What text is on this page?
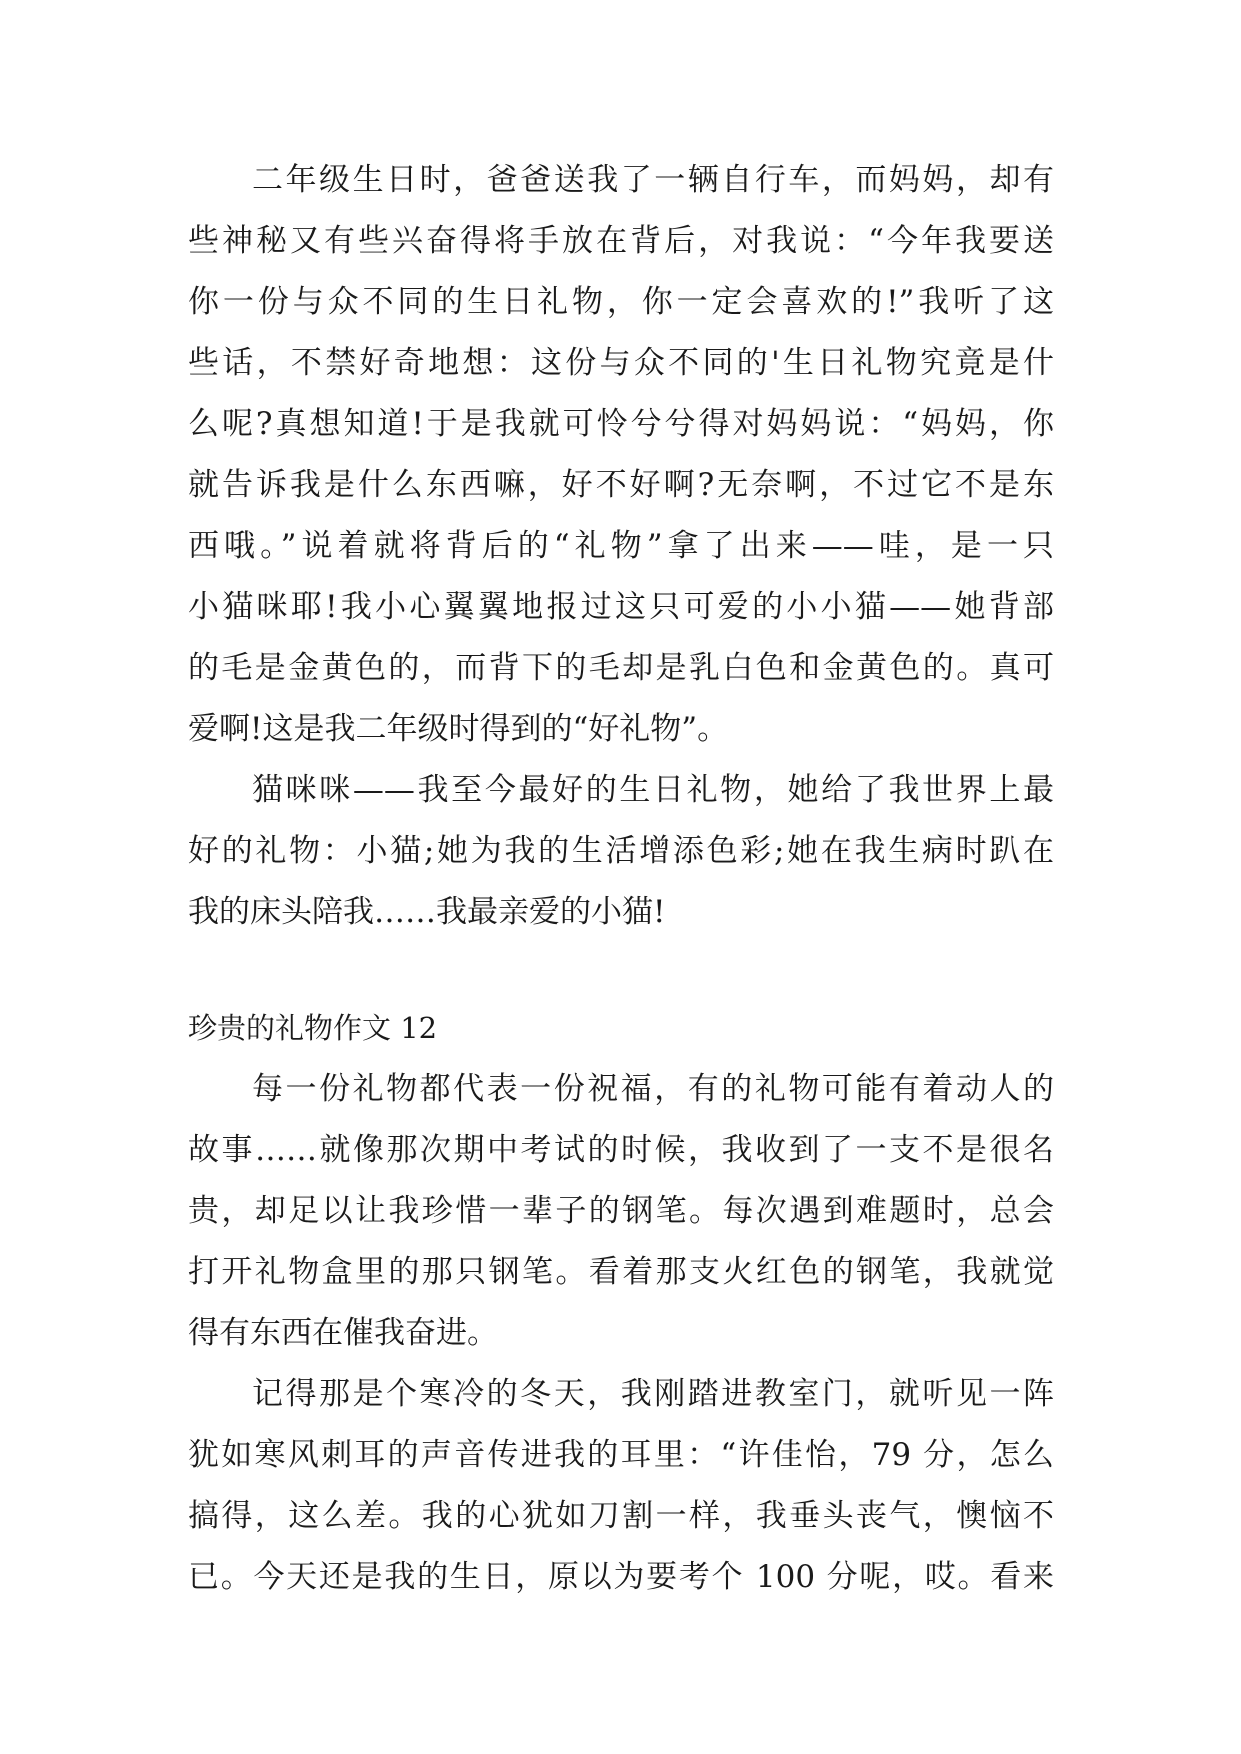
二年级生日时，爸爸送我了一辆自行车，而妈妈，却有
些神秘又有些兴奋得将手放在背后，对我说：“今年我要送
你一份与众不同的生日礼物，你一定会喜欢的!”我听了这
些话，不禁好奇地想：这份与众不同的'生日礼物究竟是什
么呢?真想知道!于是我就可怜兮兮得对妈妈说：“妈妈，你
就告诉我是什么东西嘛，好不好啊?无奈啊，不过它不是东
西哦。”说着就将背后的“礼物”拿了出来——哇，是一只
小猫咪耶!我小心翼翼地报过这只可爱的小小猫——她背部
的毛是金黄色的，而背下的毛却是乳白色和金黄色的。真可
爱啊!这是我二年级时得到的“好礼物”。
猫咪咪——我至今最好的生日礼物，她给了我世界上最
好的礼物：小猫;她为我的生活增添色彩;她在我生病时趴在
我的床头陪我……我最亲爱的小猫!
珍贵的礼物作文 12
每一份礼物都代表一份祝福，有的礼物可能有着动人的
故事……就像那次期中考试的时候，我收到了一支不是很名
贵，却足以让我珍惜一辈子的钢笔。每次遇到难题时，总会
打开礼物盒里的那只钢笔。看着那支火红色的钢笔，我就觉
得有东西在催我奋进。
记得那是个寒冷的冬天，我刚踏进教室门，就听见一阵
犹如寒风刺耳的声音传进我的耳里：“许佳怡，79 分，怎么
搞得，这么差。我的心犹如刀割一样，我垂头丧气，懊恼不
已。今天还是我的生日，原以为要考个 100 分呢，哎。看来
